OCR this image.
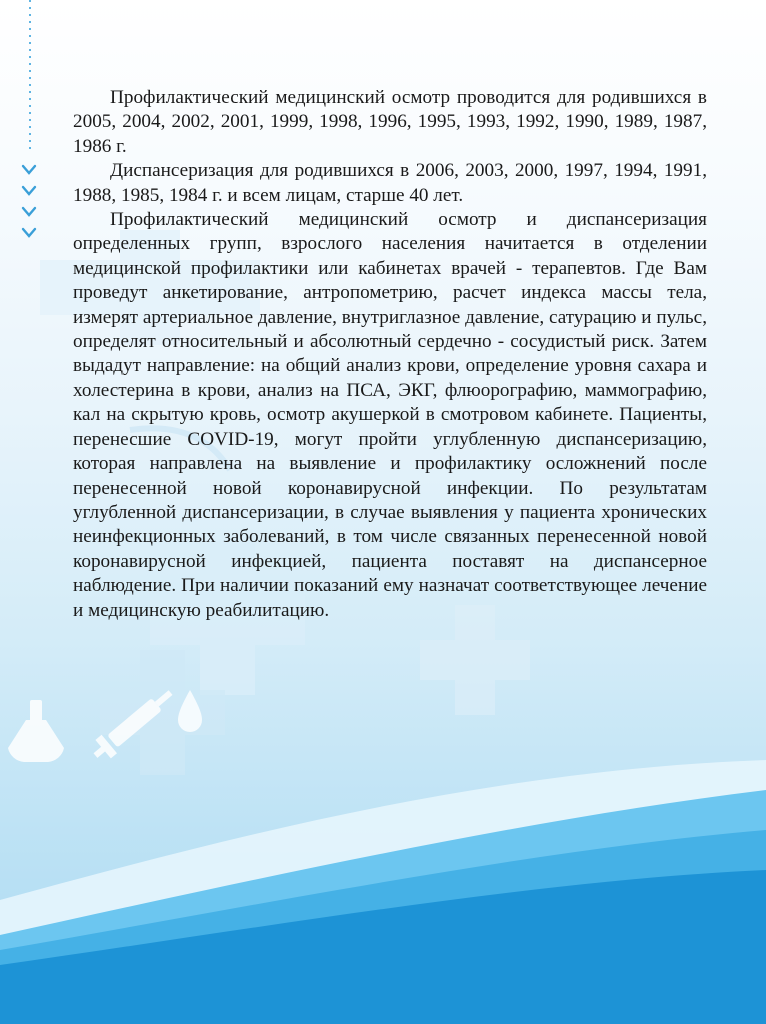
Профилактический медицинский осмотр проводится для родившихся в 2005, 2004, 2002, 2001, 1999, 1998, 1996, 1995, 1993, 1992, 1990, 1989, 1987, 1986 г.

Диспансеризация для родившихся в 2006, 2003, 2000, 1997, 1994, 1991, 1988, 1985, 1984 г. и всем лицам, старше 40 лет.

Профилактический медицинский осмотр и диспансеризация определенных групп, взрослого населения начитается в отделении медицинской профилактики или кабинетах врачей - терапевтов. Где Вам проведут анкетирование, антропометрию, расчет индекса массы тела, измерят артериальное давление, внутриглазное давление, сатурацию и пульс, определят относительный и абсолютный сердечно - сосудистый риск. Затем выдадут направление: на общий анализ крови, определение уровня сахара и холестерина в крови, анализ на ПСА, ЭКГ, флюорографию, маммографию, кал на скрытую кровь, осмотр акушеркой в смотровом кабинете. Пациенты, перенесшие COVID-19, могут пройти углубленную диспансеризацию, которая направлена на выявление и профилактику осложнений после перенесенной новой коронавирусной инфекции. По результатам углубленной диспансеризации, в случае выявления у пациента хронических неинфекционных заболеваний, в том числе связанных перенесенной новой коронавирусной инфекцией, пациента поставят на диспансерное наблюдение. При наличии показаний ему назначат соответствующее лечение и медицинскую реабилитацию.
